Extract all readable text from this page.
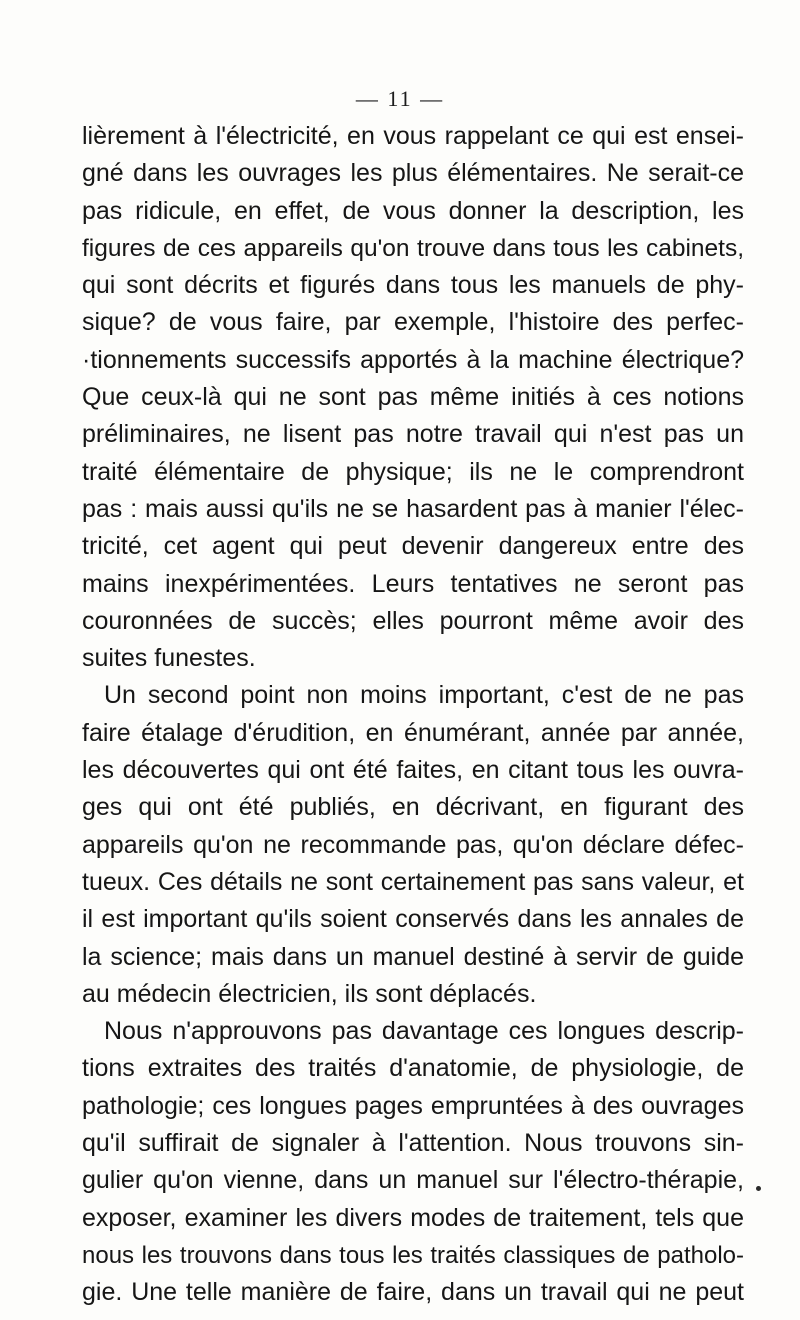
— 11 —
lièrement à l'électricité, en vous rappelant ce qui est ensei-
gné dans les ouvrages les plus élémentaires. Ne serait-ce
pas ridicule, en effet, de vous donner la description, les
figures de ces appareils qu'on trouve dans tous les cabinets,
qui sont décrits et figurés dans tous les manuels de phy-
sique? de vous faire, par exemple, l'histoire des perfec-
·tionnements successifs apportés à la machine électrique?
Que ceux-là qui ne sont pas même initiés à ces notions
préliminaires, ne lisent pas notre travail qui n'est pas un
traité élémentaire de physique; ils ne le comprendront
pas : mais aussi qu'ils ne se hasardent pas à manier l'élec-
tricité, cet agent qui peut devenir dangereux entre des
mains inexpérimentées. Leurs tentatives ne seront pas
couronnées de succès; elles pourront même avoir des
suites funestes.
Un second point non moins important, c'est de ne pas
faire étalage d'érudition, en énumérant, année par année,
les découvertes qui ont été faites, en citant tous les ouvra-
ges qui ont été publiés, en décrivant, en figurant des
appareils qu'on ne recommande pas, qu'on déclare défec-
tueux. Ces détails ne sont certainement pas sans valeur, et
il est important qu'ils soient conservés dans les annales de
la science; mais dans un manuel destiné à servir de guide
au médecin électricien, ils sont déplacés.
Nous n'approuvons pas davantage ces longues descrip-
tions extraites des traités d'anatomie, de physiologie, de
pathologie; ces longues pages empruntées à des ouvrages
qu'il suffirait de signaler à l'attention. Nous trouvons sin-
gulier qu'on vienne, dans un manuel sur l'électro-thérapie,
exposer, examiner les divers modes de traitement, tels que
nous les trouvons dans tous les traités classiques de patholo-
gie. Une telle manière de faire, dans un travail qui ne peut
